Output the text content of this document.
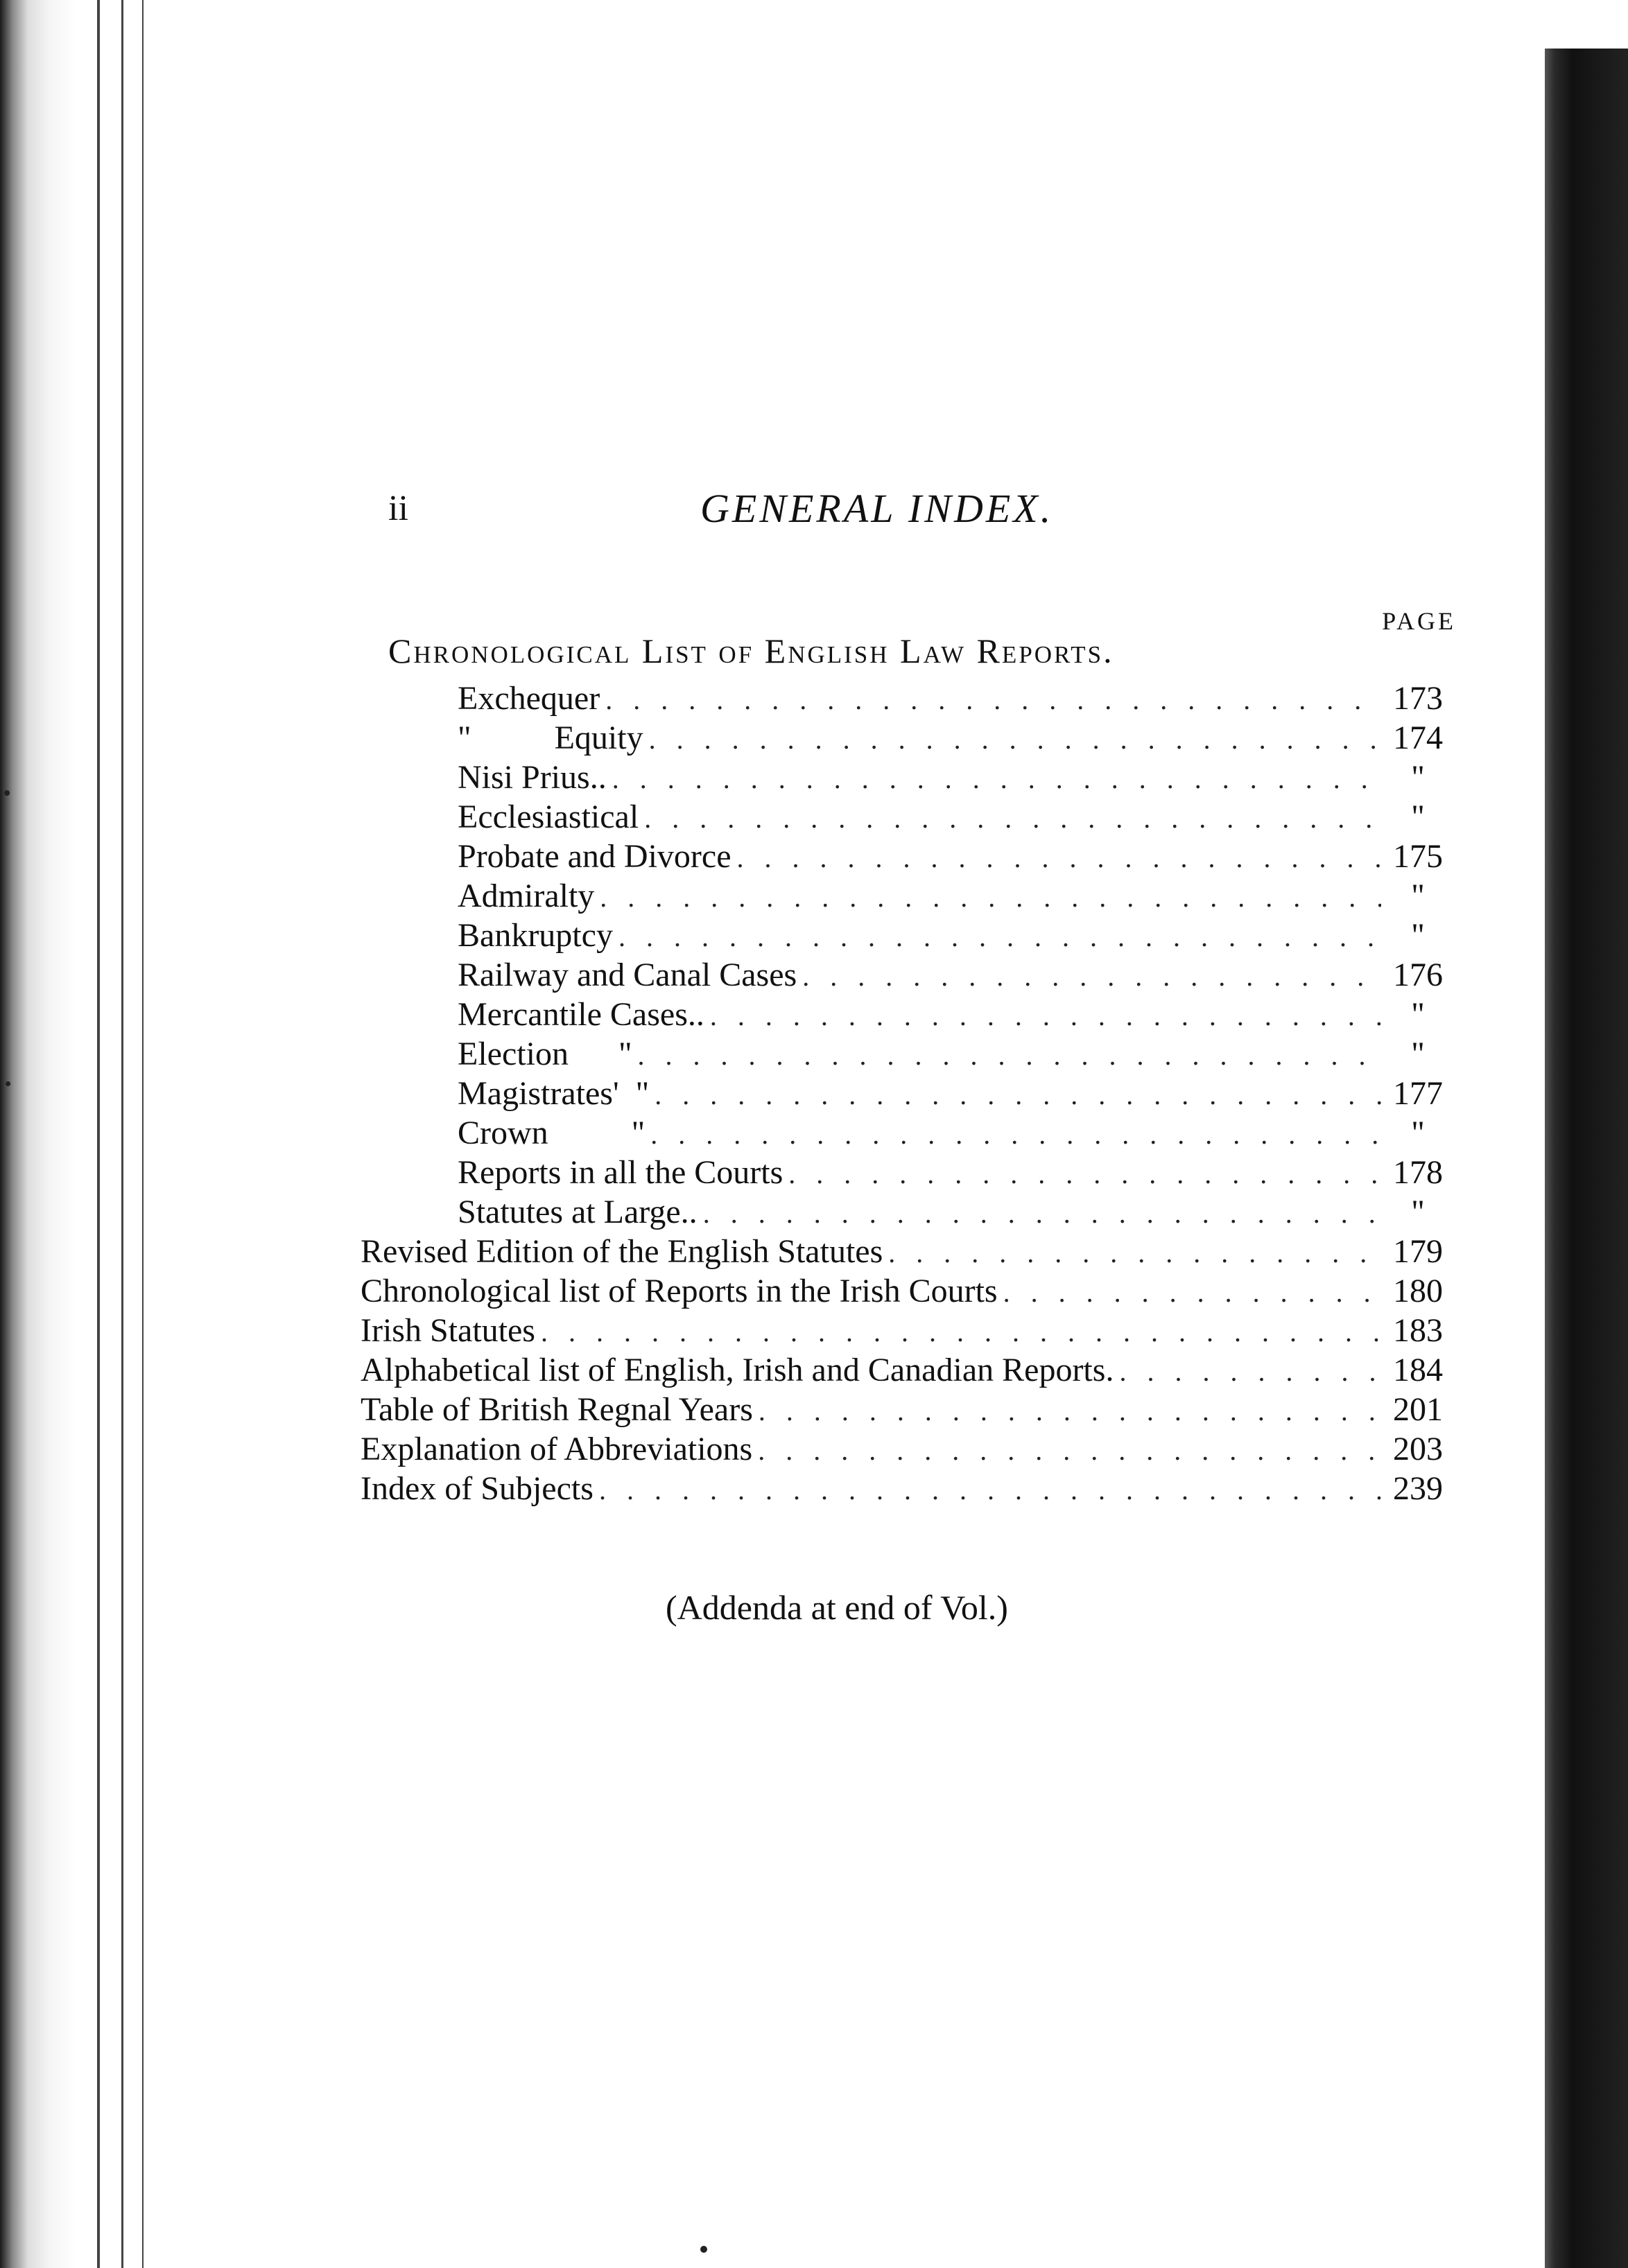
ii	GENERAL INDEX.
PAGE
Chronological List of English Law Reports.
Exchequer . . .	173
"          Equity . . .	174
Nisi Prius.. . . .	"
Ecclesiastical . . .	"
Probate and Divorce . . .	175
Admiralty . . .	"
Bankruptcy . . .	"
Railway and Canal Cases . . .	176
Mercantile Cases.. . . .	"
Election      " . . .	"
Magistrates'  " . . .	177
Crown          " . . .	"
Reports in all the Courts . . .	178
Statutes at Large.. . . .	"
Revised Edition of the English Statutes . . .	179
Chronological list of Reports in the Irish Courts . . .	180
Irish Statutes . . .	183
Alphabetical list of English, Irish and Canadian Reports. . . .	184
Table of British Regnal Years . . .	201
Explanation of Abbreviations . . .	203
Index of Subjects . . .	239
(Addenda at end of Vol.)
